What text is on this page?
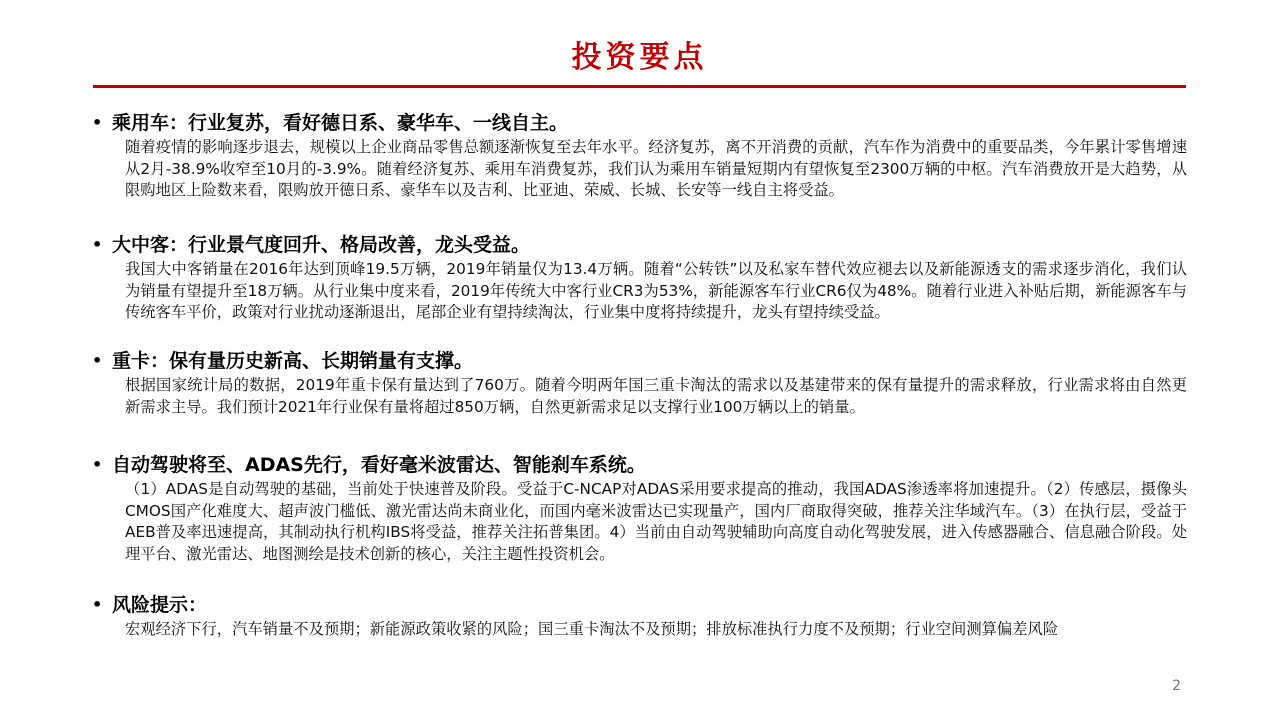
投资要点
• 乘用车：行业复苏，看好德日系、豪华车、一线自主。
随着疫情的影响逐步退去，规模以上企业商品零售总额逐渐恢复至去年水平。经济复苏，离不开消费的贡献，汽车作为消费中的重要品类，今年累计零售增速从2月-38.9%收窄至10月的-3.9%。随着经济复苏、乘用车消费复苏，我们认为乘用车销量短期内有望恢复至2300万辆的中枢。汽车消费放开是大趋势，从限购地区上险数来看，限购放开德日系、豪华车以及吉利、比亚迪、荣威、长城、长安等一线自主将受益。
• 大中客：行业景气度回升、格局改善，龙头受益。
我国大中客销量在2016年达到顶峰19.5万辆，2019年销量仅为13.4万辆。随着“公转铁”以及私家车替代效应褪去以及新能源透支的需求逐步消化，我们认为销量有望提升至18万辆。从行业集中度来看，2019年传统大中客行业CR3为53%，新能源客车行业CR6仅为48%。随着行业进入补贴后期，新能源客车与传统客车平价，政策对行业扰动逐渐退出，尾部企业有望持续淘汰，行业集中度将持续提升，龙头有望持续受益。
• 重卡：保有量历史新高、长期销量有支撑。
根据国家统计局的数据，2019年重卡保有量达到了760万。随着今明两年国三重卡淘汰的需求以及基建带来的保有量提升的需求释放，行业需求将由自然更新需求主导。我们预计2021年行业保有量将超过850万辆，自然更新需求足以支撑行业100万辆以上的销量。
• 自动驾驶将至、ADAS先行，看好毫米波雷达、智能刹车系统。
（1）ADAS是自动驾驶的基础，当前处于快速普及阶段。受益于C-NCAP对ADAS采用要求提高的推动，我国ADAS渗透率将加速提升。（2）传感层，摄像头CMOS国产化难度大、超声波门槛低、激光雷达尚未商业化，而国内毫米波雷达已实现量产，国内厂商取得突破，推荐关注华域汽车。（3）在执行层，受益于AEB普及率迅速提高，其制动执行机构IBS将受益，推荐关注拓普集团。4）当前由自动驾驶辅助向高度自动化驾驶发展，进入传感器融合、信息融合阶段。处理平台、激光雷达、地图测绘是技术创新的核心，关注主题性投资机会。
• 风险提示：
宏观经济下行，汽车销量不及预期；新能源政策收紧的风险；国三重卡淘汰不及预期；排放标准执行力度不及预期；行业空间测算偏差风险
2
